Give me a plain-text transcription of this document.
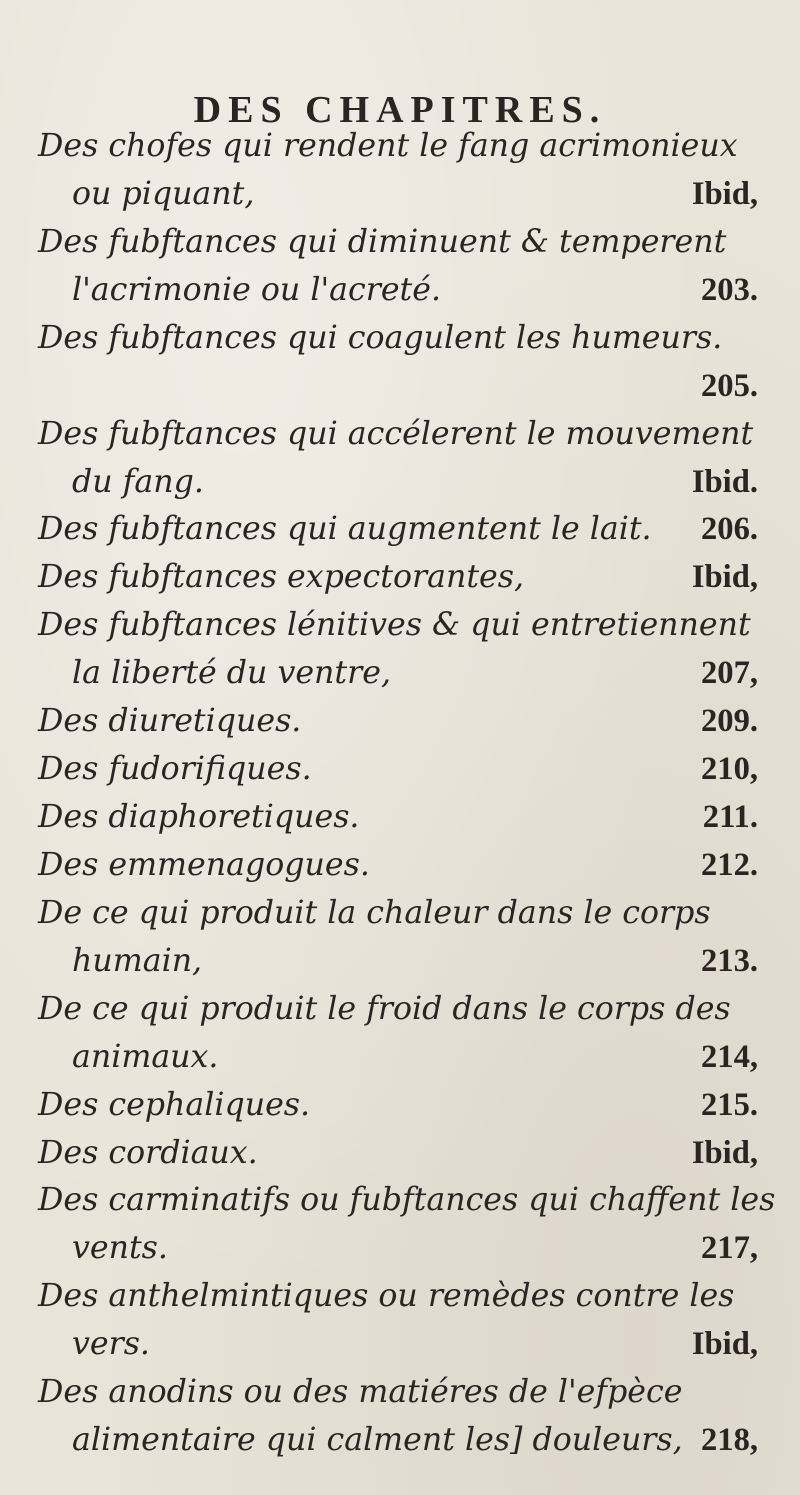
DES CHAPITRES.
Des chofes qui rendent le fang acrimonieux
ou piquant,	Ibid,
Des fubftances qui diminuent & temperent
l'acrimonie ou l'acreté.	203.
Des fubftances qui coagulent les humeurs.
205.
Des fubftances qui accélerent le mouvement
du fang.	Ibid.
Des fubftances qui augmentent le lait. 206.
Des fubftances expectorantes,	Ibid,
Des fubftances lénitives & qui entretiennent
la liberté du ventre,	207,
Des diuretiques.	209.
Des fudorifiques.	210,
Des diaphoretiques.	211.
Des emmenagogues.	212.
De ce qui produit la chaleur dans le corps
humain,	213.
De ce qui produit le froid dans le corps des
animaux.	214,
Des cephaliques.	215.
Des cordiaux.	Ibid,
Des carminatifs ou fubftances qui chaffent les
vents.	217,
Des anthelmintiques ou remèdes contre les
vers.	Ibid,
Des anodins ou des matiéres de l'efpèce
alimentaire qui calment les] douleurs, 218,
